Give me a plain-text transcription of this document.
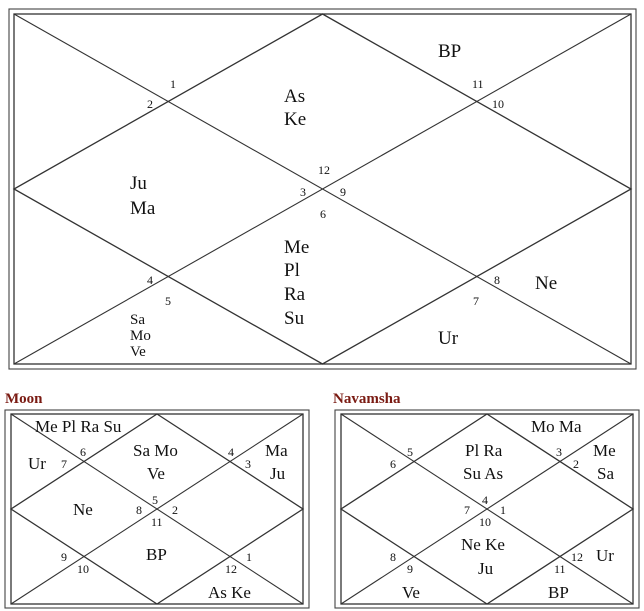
1
2
3
4
5
6
7
8
9
10
11
12
As
Ke
Ju
Ma
Me
Pl
Ra
Su
Sa
Mo
Ve
Ur
Ne
BP
Moon
5
6
7
8
9
10
11
12
1
2
3
4
Sa Mo
Ve
Me Pl Ra Su
Ur
Ne
BP
As Ke
Ma
Ju
Navamsha
4
5
6
7
8
9
10
11
12
1
2
3
Pl Ra
Su As
Ve
Ne Ke
Ju
BP
Ur
Me
Sa
Mo Ma
